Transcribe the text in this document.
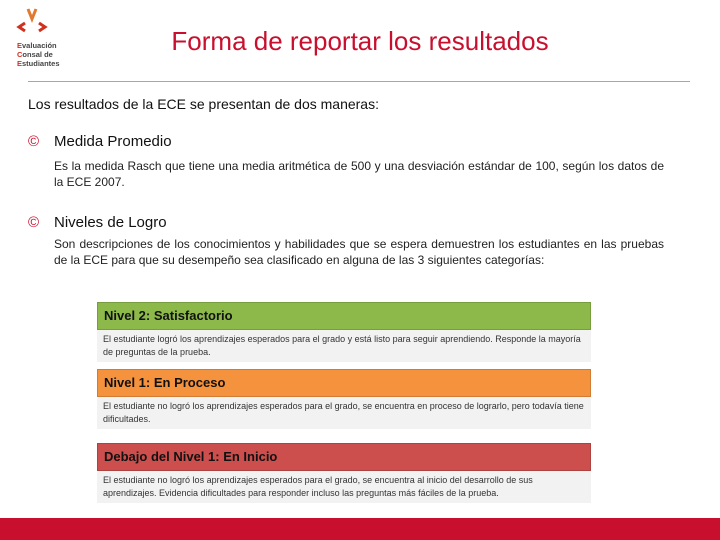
Evaluación
Consal de
Estudiantes
Forma de reportar los resultados
Los resultados de la ECE se presentan de dos maneras:
© Medida Promedio
Es la medida Rasch que tiene una media aritmética de 500 y una desviación estándar de 100, según los datos de la ECE 2007.
© Niveles de Logro
Son descripciones de los conocimientos y habilidades que se espera demuestren los estudiantes en las pruebas de la ECE para que su desempeño sea clasificado en alguna de las 3 siguientes categorías:
Nivel 2: Satisfactorio
El estudiante logró los aprendizajes esperados para el grado y está listo para seguir aprendiendo. Responde la mayoría de preguntas de la prueba.
Nivel 1: En Proceso
El estudiante no logró los aprendizajes esperados para el grado, se encuentra en proceso de lograrlo, pero todavía tiene dificultades.
Debajo del Nivel 1: En Inicio
El estudiante no logró los aprendizajes esperados para el grado, se encuentra al inicio del desarrollo de sus aprendizajes. Evidencia dificultades para responder incluso las preguntas más fáciles de la prueba.
